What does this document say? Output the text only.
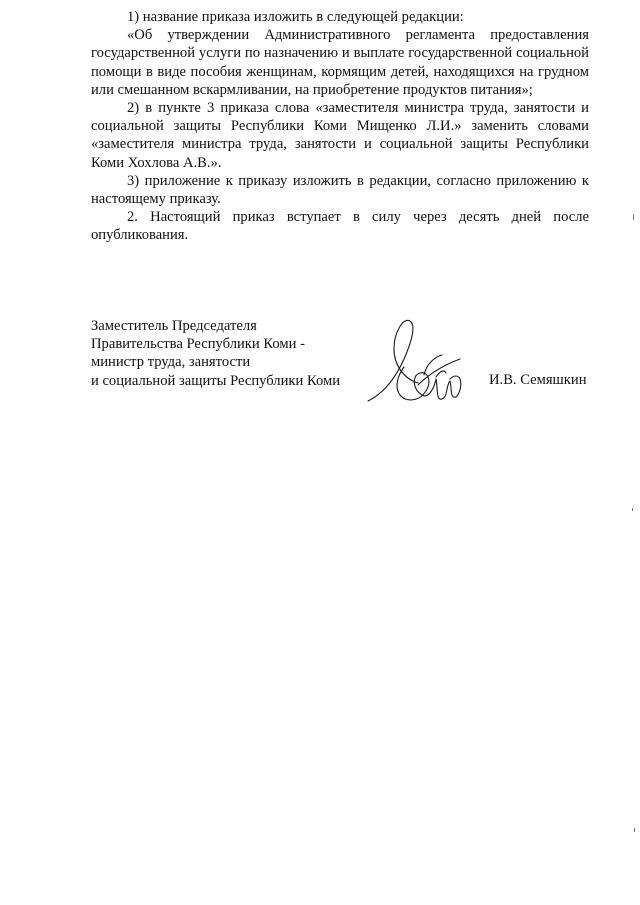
1) название приказа изложить в следующей редакции:

«Об утверждении Административного регламента предоставления государственной услуги по назначению и выплате государственной социальной помощи в виде пособия женщинам, кормящим детей, находящихся на грудном или смешанном вскармливании, на приобретение продуктов питания»;

2) в пункте 3 приказа слова «заместителя министра труда, занятости и социальной защиты Республики Коми Мищенко Л.И.» заменить словами «заместителя министра труда, занятости и социальной защиты Республики Коми Хохлова А.В.».

3) приложение к приказу изложить в редакции, согласно приложению к настоящему приказу.

2. Настоящий приказ вступает в силу через десять дней после опубликования.

Заместитель Председателя
Правительства Республики Коми -
министр труда, занятости
и социальной защиты Республики Коми	И.В. Семяшкин
